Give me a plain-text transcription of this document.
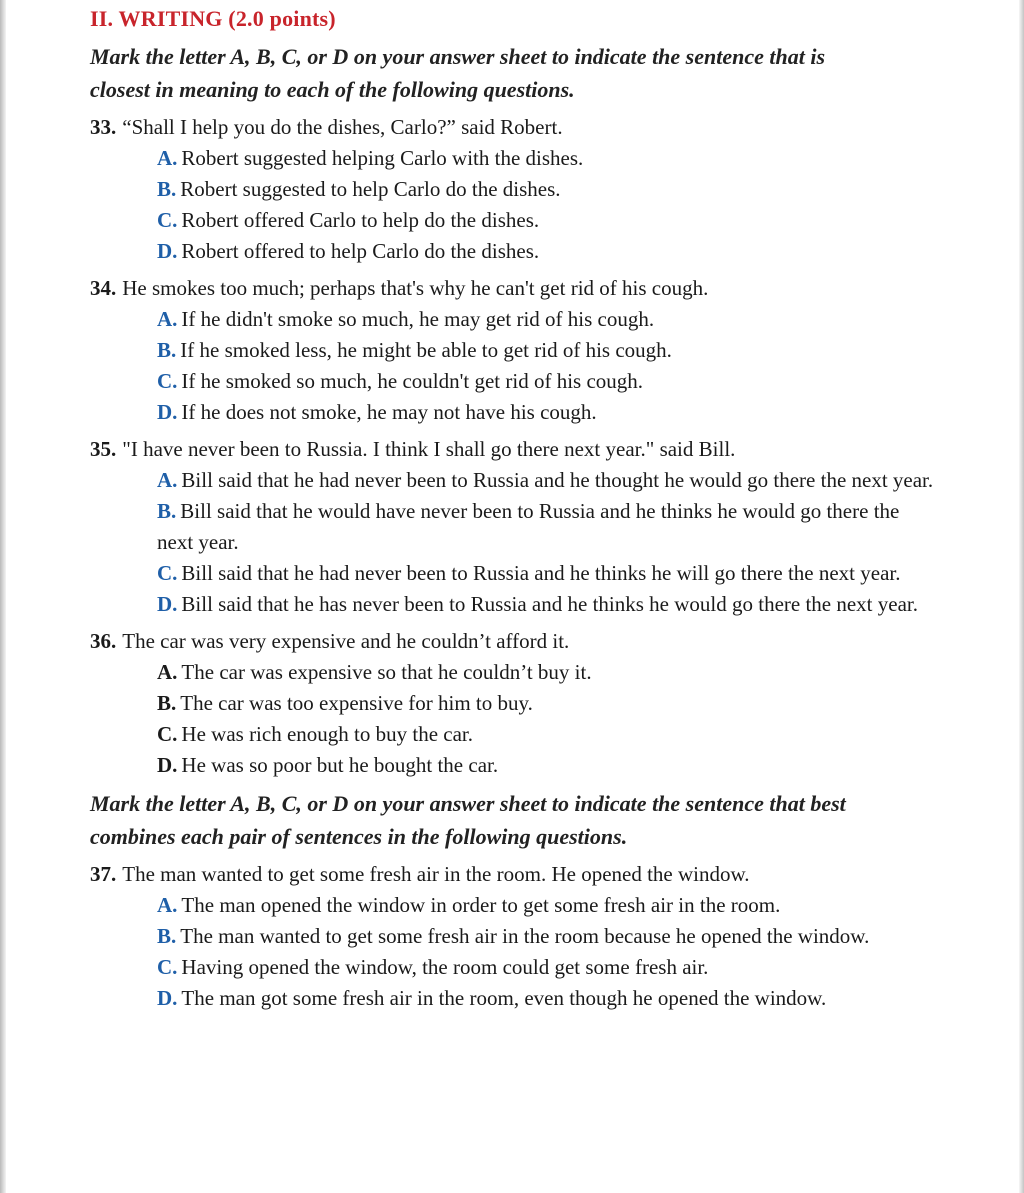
II. WRITING (2.0 points)

Mark the letter A, B, C, or D on your answer sheet to indicate the sentence that is closest in meaning to each of the following questions.

33. “Shall I help you do the dishes, Carlo?” said Robert.
A. Robert suggested helping Carlo with the dishes.
B. Robert suggested to help Carlo do the dishes.
C. Robert offered Carlo to help do the dishes.
D. Robert offered to help Carlo do the dishes.
34. He smokes too much; perhaps that's why he can't get rid of his cough.
A. If he didn't smoke so much, he may get rid of his cough.
B. If he smoked less, he might be able to get rid of his cough.
C. If he smoked so much, he couldn't get rid of his cough.
D. If he does not smoke, he may not have his cough.
35. "I have never been to Russia. I think I shall go there next year." said Bill.
A. Bill said that he had never been to Russia and he thought he would go there the next year.
B. Bill said that he would have never been to Russia and he thinks he would go there the next year.
C. Bill said that he had never been to Russia and he thinks he will go there the next year.
D. Bill said that he has never been to Russia and he thinks he would go there the next year.
36. The car was very expensive and he couldn’t afford it.
A. The car was expensive so that he couldn’t buy it.
B. The car was too expensive for him to buy.
C. He was rich enough to buy the car.
D. He was so poor but he bought the car.

Mark the letter A, B, C, or D on your answer sheet to indicate the sentence that best combines each pair of sentences in the following questions.

37. The man wanted to get some fresh air in the room. He opened the window.
A. The man opened the window in order to get some fresh air in the room.
B. The man wanted to get some fresh air in the room because he opened the window.
C. Having opened the window, the room could get some fresh air.
D. The man got some fresh air in the room, even though he opened the window.
